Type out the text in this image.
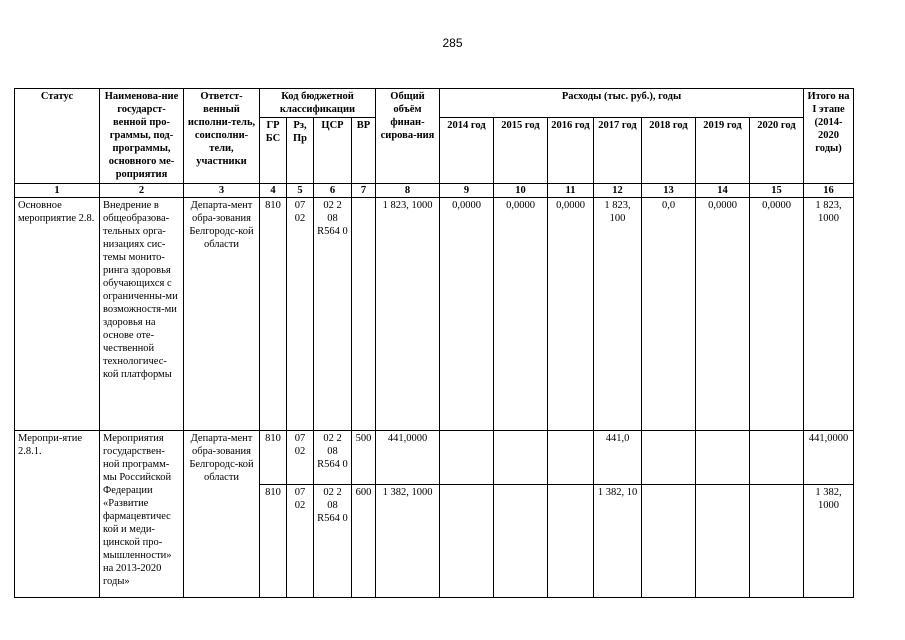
285
Статус	Наименова-ние государст-венной про-граммы, под-программы, основного ме-роприятия	Ответст-венный исполни-тель, соисполни-тели, участники	Код бюджетной классификации				Общий объём финан-сирова-ния	Расходы (тыс. руб.), годы							Итого на I этапе (2014-2020 годы)
			ГР БС	Рз, Пр	ЦСР	ВР		2014 год	2015 год	2016 год	2017 год	2018 год	2019 год	2020 год	
1	2	3	4	5	6	7	8	9	10	11	12	13	14	15	16
Основное мероприятие 2.8.	Внедрение в общеобразова-тельных орга-низациях сис-темы монито-ринга здоровья обучающихся с ограниченны-ми возможностя-ми здоровья на основе оте-чественной технологичес-кой платформы	Департа-мент обра-зования Белгородс-кой области	810	07 02	02 2 08 R564 0		1 823, 1000	0,0000	0,0000	0,0000	1 823, 100	0,0	0,0000	0,0000	1 823, 1000
Меропри-ятие 2.8.1.	Мероприятия государствен-ной программ-мы Российской Федерации «Развитие фармацевтичес кой и меди-цинской про-мышленности» на 2013-2020 годы»	Департа-мент обра-зования Белгородс-кой области	810	07 02	02 2 08 R564 0	500	441,0000				441,0				441,0000
			810	07 02	02 2 08 R564 0	600	1 382, 1000				1 382, 10				1 382, 1000
